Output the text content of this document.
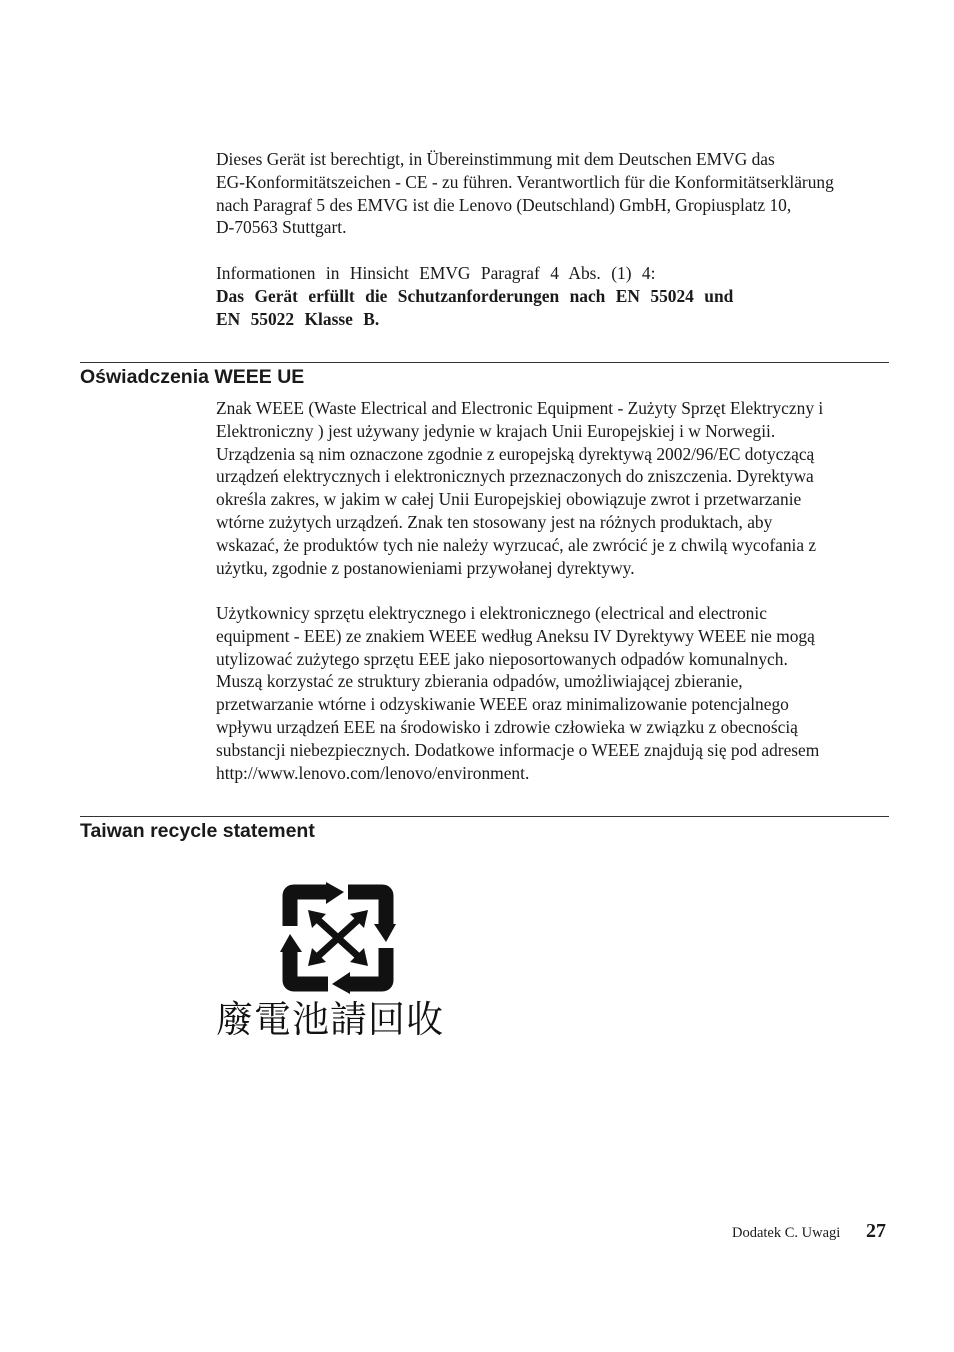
Dieses Gerät ist berechtigt, in Übereinstimmung mit dem Deutschen EMVG das
EG-Konformitätszeichen - CE - zu führen. Verantwortlich für die Konformitätserklärung
nach Paragraf 5 des EMVG ist die Lenovo (Deutschland) GmbH, Gropiusplatz 10,
D-70563 Stuttgart.
Informationen in Hinsicht EMVG Paragraf 4 Abs. (1) 4:
Das Gerät erfüllt die Schutzanforderungen nach EN 55024 und
EN 55022 Klasse B.
Oświadczenia WEEE UE
Znak WEEE (Waste Electrical and Electronic Equipment - Zużyty Sprzęt Elektryczny i
Elektroniczny ) jest używany jedynie w krajach Unii Europejskiej i w Norwegii.
Urządzenia są nim oznaczone zgodnie z europejską dyrektywą 2002/96/EC dotyczącą
urządzeń elektrycznych i elektronicznych przeznaczonych do zniszczenia. Dyrektywa
określa zakres, w jakim w całej Unii Europejskiej obowiązuje zwrot i przetwarzanie
wtórne zużytych urządzeń. Znak ten stosowany jest na różnych produktach, aby
wskazać, że produktów tych nie należy wyrzucać, ale zwrócić je z chwilą wycofania z
użytku, zgodnie z postanowieniami przywołanej dyrektywy.
Użytkownicy sprzętu elektrycznego i elektronicznego (electrical and electronic
equipment - EEE) ze znakiem WEEE według Aneksu IV Dyrektywy WEEE nie mogą
utylizować zużytego sprzętu EEE jako nieposortowanych odpadów komunalnych.
Muszą korzystać ze struktury zbierania odpadów, umożliwiającej zbieranie,
przetwarzanie wtórne i odzyskiwanie WEEE oraz minimalizowanie potencjalnego
wpływu urządzeń EEE na środowisko i zdrowie człowieka w związku z obecnością
substancji niebezpiecznych. Dodatkowe informacje o WEEE znajdują się pod adresem
http://www.lenovo.com/lenovo/environment.
Taiwan recycle statement
廢電池請回收
Dodatek C. Uwagi 27
